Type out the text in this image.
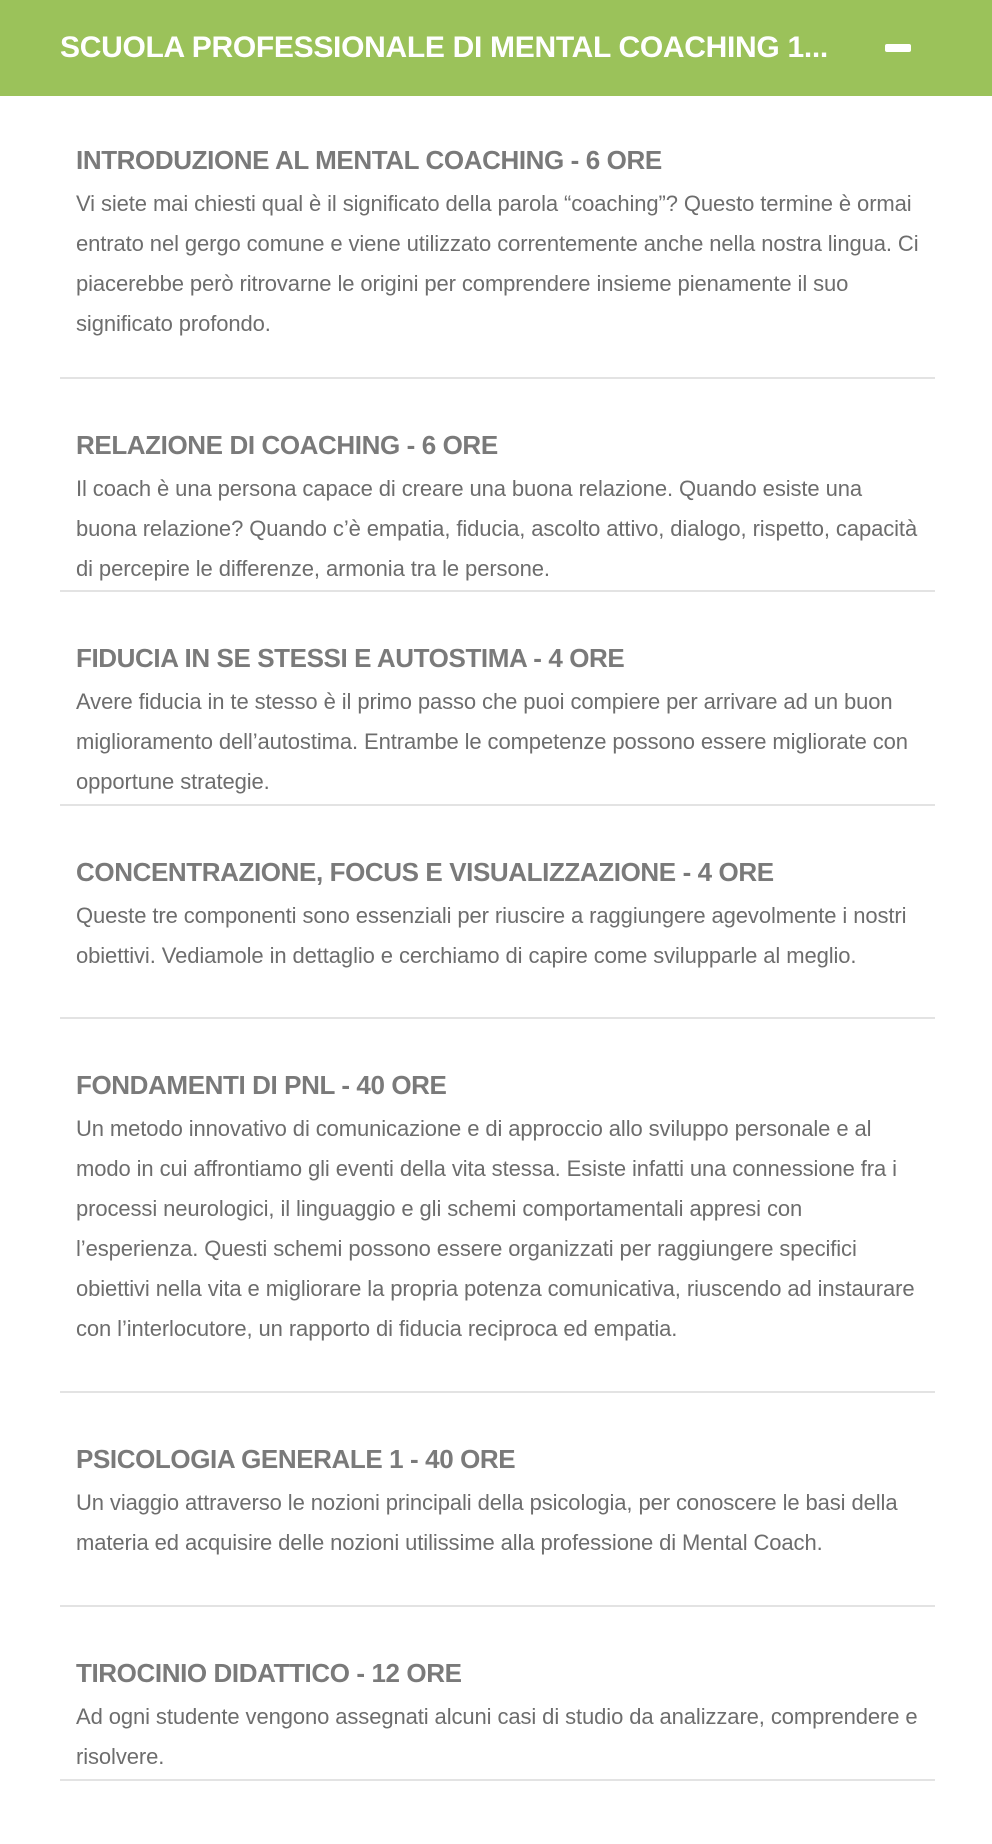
SCUOLA PROFESSIONALE DI MENTAL COACHING 1...
INTRODUZIONE AL MENTAL COACHING - 6 ORE

Vi siete mai chiesti qual è il significato della parola “coaching”? Questo termine è ormai entrato nel gergo comune e viene utilizzato correntemente anche nella nostra lingua. Ci piacerebbe però ritrovarne le origini per comprendere insieme pienamente il suo significato profondo.

RELAZIONE DI COACHING - 6 ORE

Il coach è una persona capace di creare una buona relazione. Quando esiste una buona relazione? Quando c’è empatia, fiducia, ascolto attivo, dialogo, rispetto, capacità di percepire le differenze, armonia tra le persone.

FIDUCIA IN SE STESSI E AUTOSTIMA - 4 ORE

Avere fiducia in te stesso è il primo passo che puoi compiere per arrivare ad un buon miglioramento dell’autostima. Entrambe le competenze possono essere migliorate con opportune strategie.

CONCENTRAZIONE, FOCUS E VISUALIZZAZIONE - 4 ORE

Queste tre componenti sono essenziali per riuscire a raggiungere agevolmente i nostri obiettivi. Vediamole in dettaglio e cerchiamo di capire come svilupparle al meglio.

FONDAMENTI DI PNL - 40 ORE

Un metodo innovativo di comunicazione e di approccio allo sviluppo personale e al modo in cui affrontiamo gli eventi della vita stessa. Esiste infatti una connessione fra i processi neurologici, il linguaggio e gli schemi comportamentali appresi con l’esperienza. Questi schemi possono essere organizzati per raggiungere specifici obiettivi nella vita e migliorare la propria potenza comunicativa, riuscendo ad instaurare con l’interlocutore, un rapporto di fiducia reciproca ed empatia.

PSICOLOGIA GENERALE 1 - 40 ORE

Un viaggio attraverso le nozioni principali della psicologia, per conoscere le basi della materia ed acquisire delle nozioni utilissime alla professione di Mental Coach.

TIROCINIO DIDATTICO - 12 ORE

Ad ogni studente vengono assegnati alcuni casi di studio da analizzare, comprendere e risolvere.
